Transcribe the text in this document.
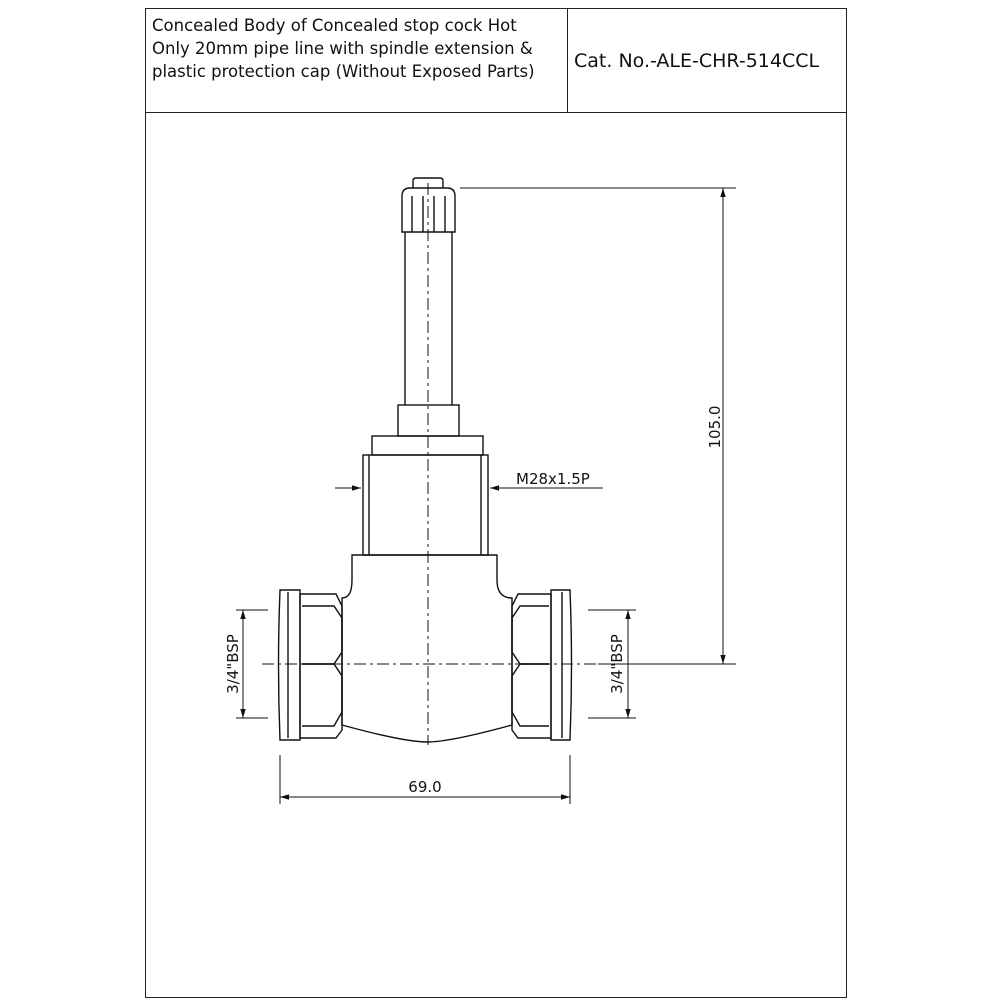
Concealed Body of Concealed stop cock Hot
Only 20mm pipe line with spindle extension &
plastic protection cap (Without Exposed Parts)	Cat. No.-ALE-CHR-514CCL
105.0
69.0
M28x1.5P
3/4"BSP	3/4"BSP
